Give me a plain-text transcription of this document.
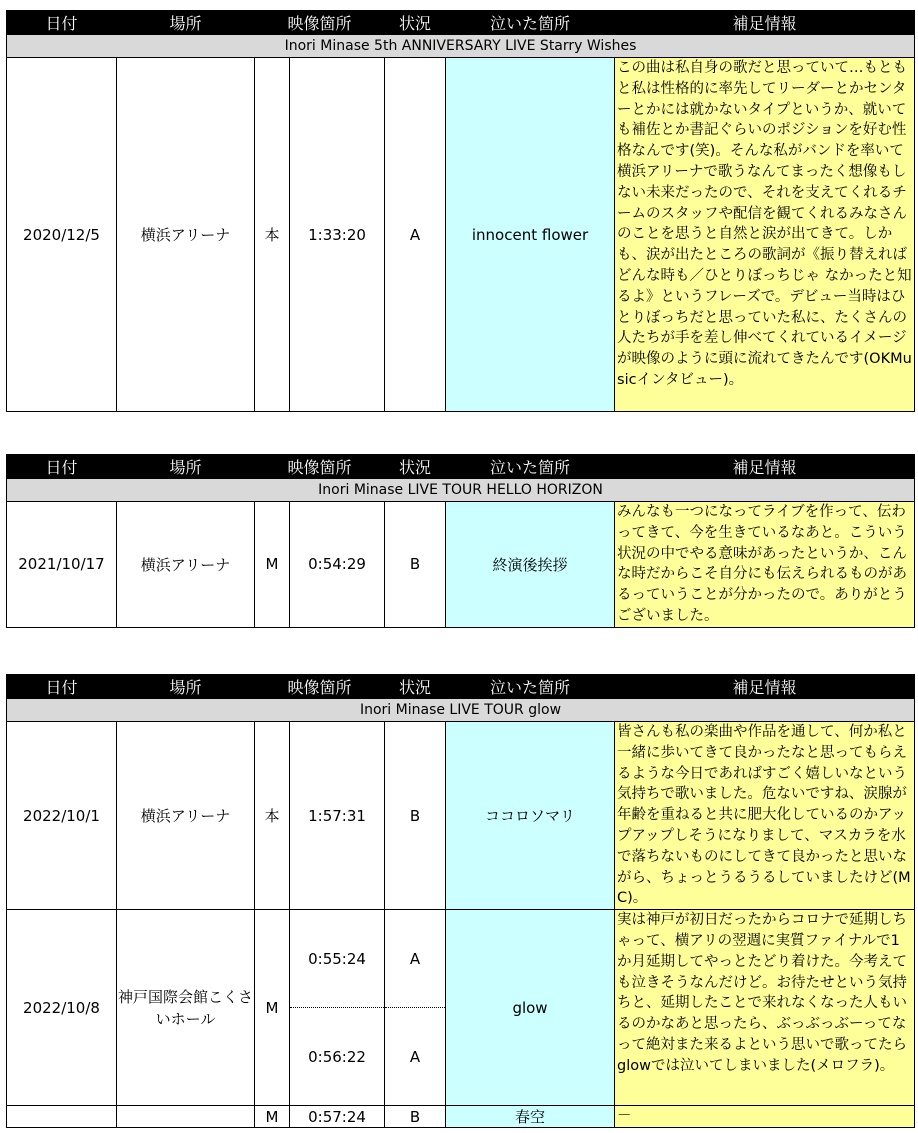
日付	場所	映像箇所		状況	泣いた箇所	補足情報
Inori Minase 5th ANNIVERSARY LIVE Starry Wishes						
2020/12/5	横浜アリーナ	本	1:33:20	A	innocent flower	この曲は私自身の歌だと思っていて…もともと私は性格的に率先してリーダーとかセンターとかには就かないタイプというか、就いても補佐とか書記ぐらいのポジションを好む性格なんです(笑)。そんな私がバンドを率いて横浜アリーナで歌うなんてまったく想像もしない未来だったので、それを支えてくれるチームのスタッフや配信を観てくれるみなさんのことを思うと自然と涙が出てきて。しかも、涙が出たところの歌詞が《振り替えれば どんな時も／ひとりぼっちじゃ なかったと知るよ》というフレーズで。デビュー当時はひとりぼっちだと思っていた私に、たくさんの人たちが手を差し伸べてくれているイメージが映像のように頭に流れてきたんです(OKMusicインタビュー)。
日付	場所	映像箇所		状況	泣いた箇所	補足情報
Inori Minase LIVE TOUR HELLO HORIZON						
2021/10/17	横浜アリーナ	M	0:54:29	B	終演後挨拶	みんなも一つになってライブを作って、伝わってきて、今を生きているなあと。こういう状況の中でやる意味があったというか、こんな時だからこそ自分にも伝えられるものがあるっていうことが分かったので。ありがとうございました。
日付	場所	映像箇所		状況	泣いた箇所	補足情報
Inori Minase LIVE TOUR glow						
2022/10/1	横浜アリーナ	本	1:57:31	B	ココロソマリ	皆さんも私の楽曲や作品を通して、何か私と一緒に歩いてきて良かったなと思ってもらえるような今日であればすごく嬉しいなという気持ちで歌いました。危ないですね、涙腺が年齢を重ねると共に肥大化しているのかアップアップしそうになりまして、マスカラを水で落ちないものにしてきて良かったと思いながら、ちょっとうるうるしていましたけど(MC)。
2022/10/8	神戸国際会館こくさいホール	M	0:55:24	A	glow	実は神戸が初日だったからコロナで延期しちゃって、横アリの翌週に実質ファイナルで1か月延期してやっとたどり着けた。今考えても泣きそうなんだけど。お待たせという気持ちと、延期したことで来れなくなった人もいるのかなあと思ったら、ぶっぶっぶーってなって絶対また来るよという思いで歌ってたらglowでは泣いてしまいました(メロフラ)。
			0:56:22	A		
		M	0:57:24	B	春空	－
